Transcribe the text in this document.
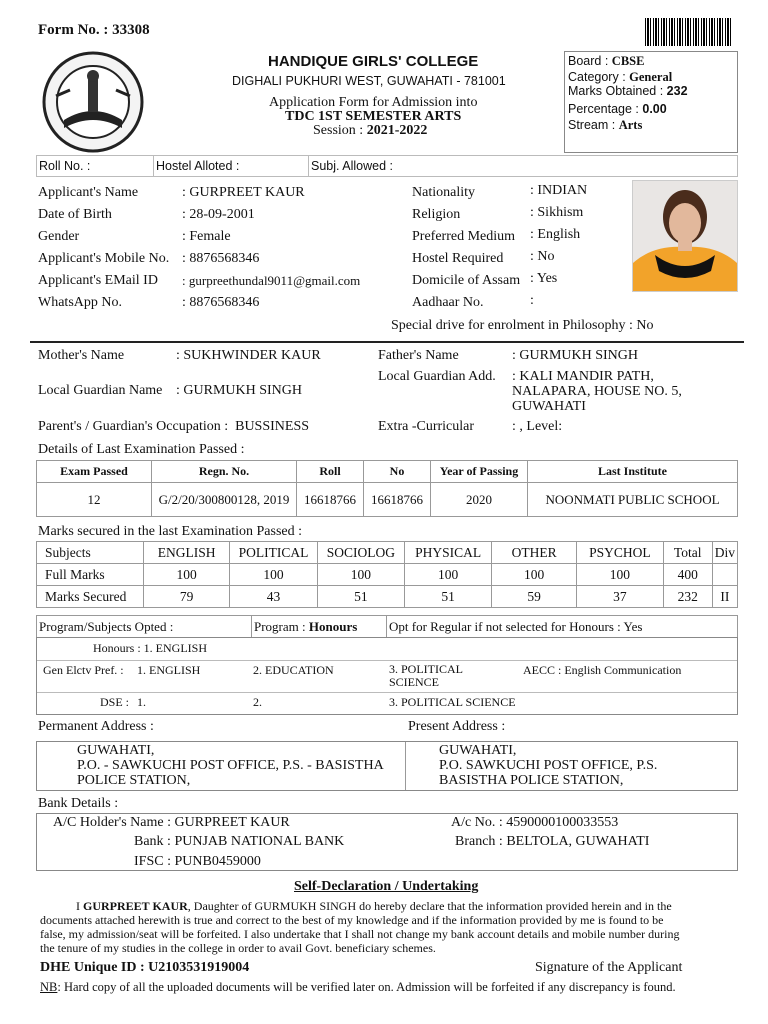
Form No. : 33308
HANDIQUE GIRLS' COLLEGE
DIGHALI PUKHURI WEST, GUWAHATI - 781001
Application Form for Admission into
TDC 1ST SEMESTER ARTS
Session : 2021-2022
Board : CBSE
Category : General
Marks Obtained : 232
Percentage : 0.00
Stream : Arts
Roll No. :	Hostel Alloted :	Subj. Allowed :
Applicant's Name	: GURPREET KAUR
Date of Birth	: 28-09-2001
Gender	: Female
Applicant's Mobile No. : 8876568346
Applicant's EMail ID : gurpreethundal9011@gmail.com
WhatsApp No.	: 8876568346
Nationality	: INDIAN
Religion	: Sikhism
Preferred Medium : English
Hostel Required : No
Domicile of Assam : Yes
Aadhaar No.	:
Special drive for enrolment in Philosophy : No
Mother's Name	: SUKHWINDER KAUR	Father's Name	: GURMUKH SINGH
Local Guardian Name : GURMUKH SINGH
Local Guardian Add. : KALI MANDIR PATH,
NALAPARA, HOUSE NO. 5,
GUWAHATI
Parent's / Guardian's Occupation : BUSSINESS	Extra -Curricular	: , Level:
Details of Last Examination Passed :
Exam Passed	Regn. No.	Roll	No	Year of Passing	Last Institute
12	G/2/20/300800128, 2019	16618766	16618766	2020	NOONMATI PUBLIC SCHOOL
Marks secured in the last Examination Passed :
Subjects	ENGLISH	POLITICAL	SOCIOLOG	PHYSICAL	OTHER	PSYCHOL	Total	Div
Full Marks	100	100	100	100	100	100	400	
Marks Secured	79	43	51	51	59	37	232	II
Program/Subjects Opted :	Program : Honours	Opt for Regular if not selected for Honours : Yes
Honours : 1. ENGLISH
Gen Elctv Pref. : 1. ENGLISH	2. EDUCATION	3. POLITICAL
SCIENCE
AECC : English Communication
DSE : 1.	2.	3. POLITICAL SCIENCE
Permanent Address :	Present Address :
GUWAHATI,
P.O. - SAWKUCHI POST OFFICE, P.S. - BASISTHA
POLICE STATION,
GUWAHATI,
P.O. SAWKUCHI POST OFFICE, P.S.
BASISTHA POLICE STATION,
Bank Details :
A/C Holder's Name : GURPREET KAUR	A/c No. : 4590000100033553
Bank : PUNJAB NATIONAL BANK	Branch : BELTOLA, GUWAHATI
IFSC : PUNB0459000
Self-Declaration / Undertaking
I GURPREET KAUR, Daughter of GURMUKH SINGH do hereby declare that the information provided herein and in the
documents attached herewith is true and correct to the best of my knowledge and if the information provided by me is found to be
false, my admission/seat will be forfeited. I also undertake that I shall not change my bank account details and mobile number during
the tenure of my studies in the college in order to avail Govt. beneficiary schemes.
DHE Unique ID : U2103531919004	Signature of the Applicant
NB: Hard copy of all the uploaded documents will be verified later on. Admission will be forfeited if any discrepancy is found.
